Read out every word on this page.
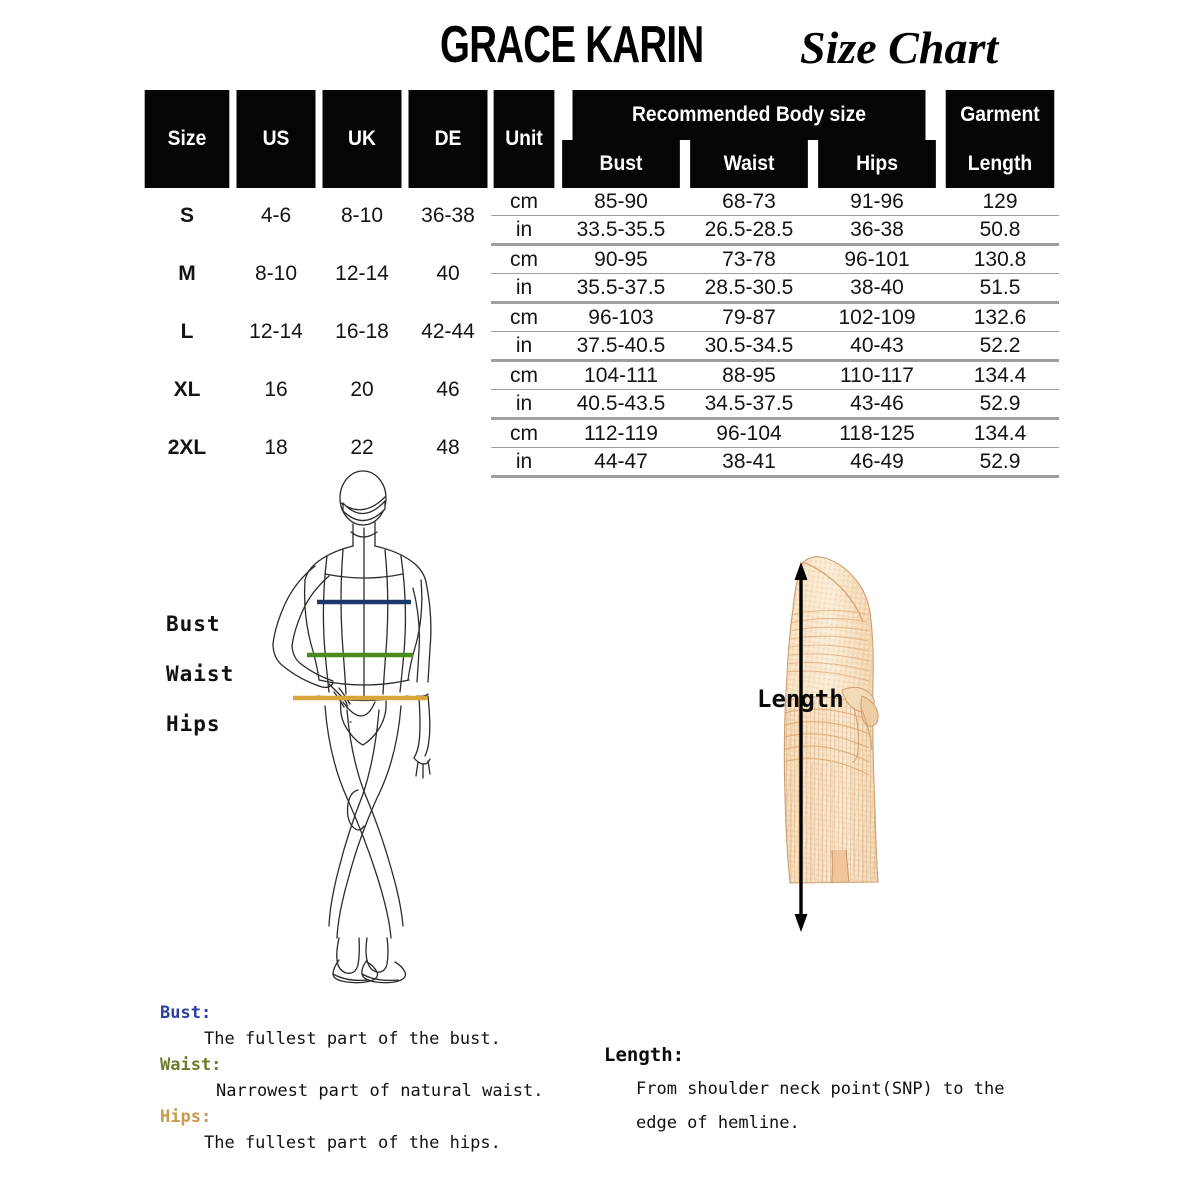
GRACE KARIN Size Chart
Size	US	UK	DE	Unit	Recommended Body size			Garment
					Bust	Waist	Hips	Length
S	4-6	8-10	36-38	cm	85-90	68-73	91-96	129
				in	33.5-35.5	26.5-28.5	36-38	50.8
M	8-10	12-14	40	cm	90-95	73-78	96-101	130.8
				in	35.5-37.5	28.5-30.5	38-40	51.5
L	12-14	16-18	42-44	cm	96-103	79-87	102-109	132.6
				in	37.5-40.5	30.5-34.5	40-43	52.2
XL	16	20	46	cm	104-111	88-95	110-117	134.4
				in	40.5-43.5	34.5-37.5	43-46	52.9
2XL	18	22	48	cm	112-119	96-104	118-125	134.4
				in	44-47	38-41	46-49	52.9
Bust
Waist
Hips
Length
Bust:
The fullest part of the bust.
Waist:
Narrowest part of natural waist.
Hips:
The fullest part of the hips.
Length:
From shoulder neck point(SNP) to the
edge of hemline.
